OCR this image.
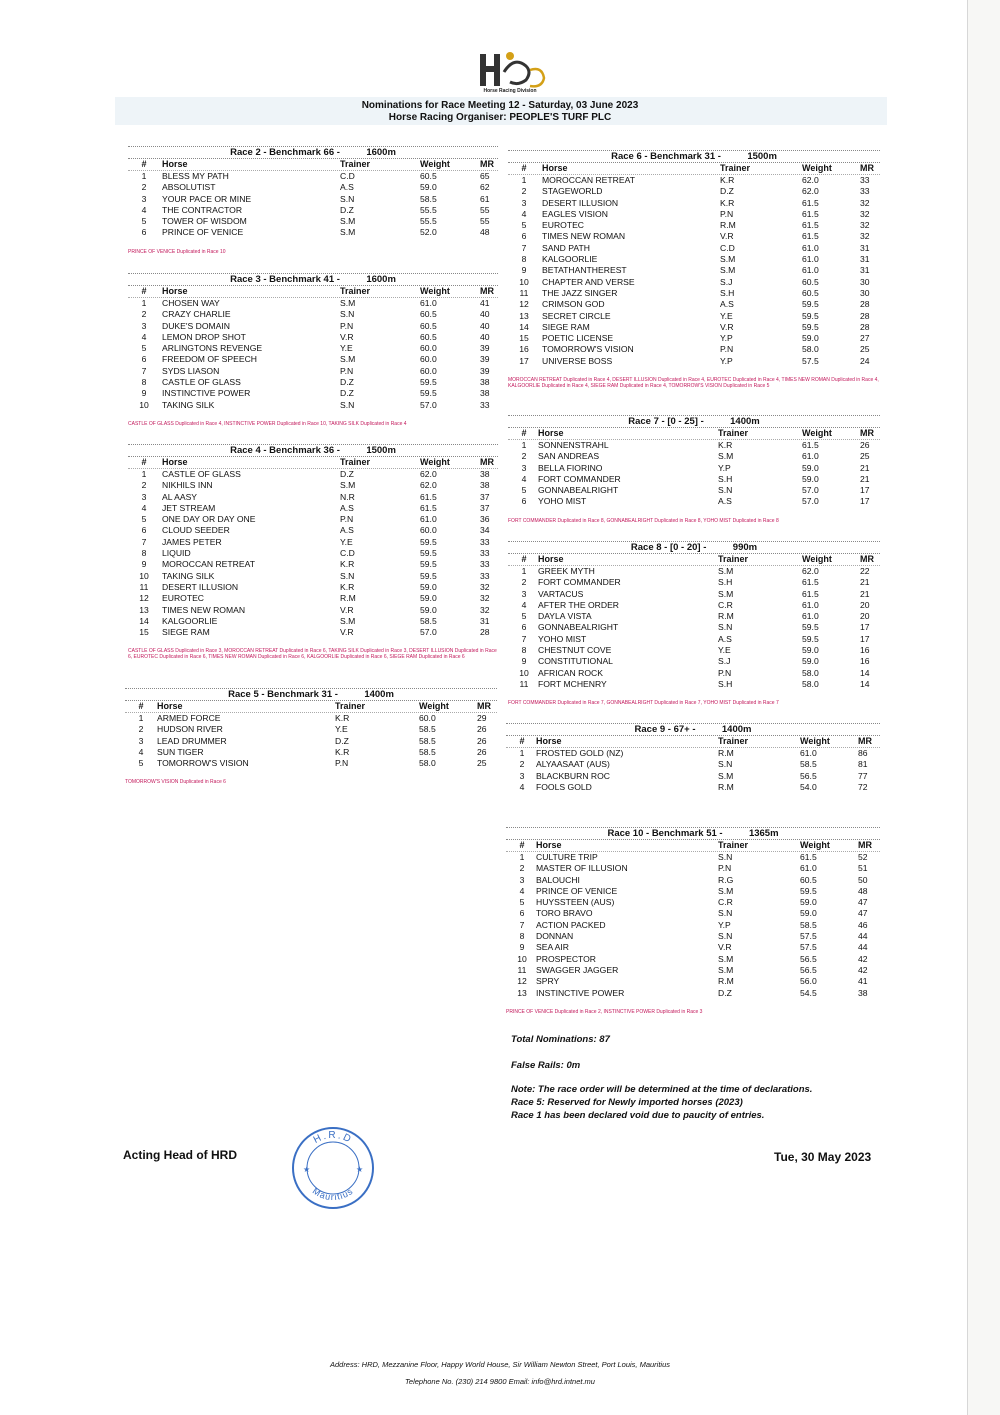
Horse Racing Division
Nominations for Race Meeting 12 - Saturday, 03 June 2023
Horse Racing Organiser: PEOPLE'S TURF PLC
Race 2 - Benchmark 66 -          1600m
#	Horse	Trainer	Weight	MR
1	BLESS MY PATH	C.D	60.5	65
2	ABSOLUTIST	A.S	59.0	62
3	YOUR PACE OR MINE	S.N	58.5	61
4	THE CONTRACTOR	D.Z	55.5	55
5	TOWER OF WISDOM	S.M	55.5	55
6	PRINCE OF VENICE	S.M	52.0	48
PRINCE OF VENICE Duplicated in Race 10
Race 3 - Benchmark 41 -          1600m
#	Horse	Trainer	Weight	MR
1	CHOSEN WAY	S.M	61.0	41
2	CRAZY CHARLIE	S.N	60.5	40
3	DUKE'S DOMAIN	P.N	60.5	40
4	LEMON DROP SHOT	V.R	60.5	40
5	ARLINGTONS REVENGE	Y.E	60.0	39
6	FREEDOM OF SPEECH	S.M	60.0	39
7	SYDS LIASON	P.N	60.0	39
8	CASTLE OF GLASS	D.Z	59.5	38
9	INSTINCTIVE POWER	D.Z	59.5	38
10	TAKING SILK	S.N	57.0	33
CASTLE OF GLASS Duplicated in Race 4, INSTINCTIVE POWER Duplicated in Race 10, TAKING SILK Duplicated in Race 4
Race 4 - Benchmark 36 -          1500m
#	Horse	Trainer	Weight	MR
1	CASTLE OF GLASS	D.Z	62.0	38
2	NIKHILS INN	S.M	62.0	38
3	AL AASY	N.R	61.5	37
4	JET STREAM	A.S	61.5	37
5	ONE DAY OR DAY ONE	P.N	61.0	36
6	CLOUD SEEDER	A.S	60.0	34
7	JAMES PETER	Y.E	59.5	33
8	LIQUID	C.D	59.5	33
9	MOROCCAN RETREAT	K.R	59.5	33
10	TAKING SILK	S.N	59.5	33
11	DESERT ILLUSION	K.R	59.0	32
12	EUROTEC	R.M	59.0	32
13	TIMES NEW ROMAN	V.R	59.0	32
14	KALGOORLIE	S.M	58.5	31
15	SIEGE RAM	V.R	57.0	28
CASTLE OF GLASS Duplicated in Race 3, MOROCCAN RETREAT Duplicated in Race 6, TAKING SILK Duplicated in Race 3, DESERT ILLUSION Duplicated in Race 6, EUROTEC Duplicated in Race 6, TIMES NEW ROMAN Duplicated in Race 6, KALGOORLIE Duplicated in Race 6, SIEGE RAM Duplicated in Race 6
Race 5 - Benchmark 31 -          1400m
#	Horse	Trainer	Weight	MR
1	ARMED FORCE	K.R	60.0	29
2	HUDSON RIVER	Y.E	58.5	26
3	LEAD DRUMMER	D.Z	58.5	26
4	SUN TIGER	K.R	58.5	26
5	TOMORROW'S VISION	P.N	58.0	25
TOMORROW'S VISION Duplicated in Race 6
Race 6 - Benchmark 31 -          1500m
#	Horse	Trainer	Weight	MR
1	MOROCCAN RETREAT	K.R	62.0	33
2	STAGEWORLD	D.Z	62.0	33
3	DESERT ILLUSION	K.R	61.5	32
4	EAGLES VISION	P.N	61.5	32
5	EUROTEC	R.M	61.5	32
6	TIMES NEW ROMAN	V.R	61.5	32
7	SAND PATH	C.D	61.0	31
8	KALGOORLIE	S.M	61.0	31
9	BETATHANTHEREST	S.M	61.0	31
10	CHAPTER AND VERSE	S.J	60.5	30
11	THE JAZZ SINGER	S.H	60.5	30
12	CRIMSON GOD	A.S	59.5	28
13	SECRET CIRCLE	Y.E	59.5	28
14	SIEGE RAM	V.R	59.5	28
15	POETIC LICENSE	Y.P	59.0	27
16	TOMORROW'S VISION	P.N	58.0	25
17	UNIVERSE BOSS	Y.P	57.5	24
MOROCCAN RETREAT Duplicated in Race 4, DESERT ILLUSION Duplicated in Race 4, EUROTEC Duplicated in Race 4, TIMES NEW ROMAN Duplicated in Race 4, KALGOORLIE Duplicated in Race 4, SIEGE RAM Duplicated in Race 4, TOMORROW'S VISION Duplicated in Race 5
Race 7 - [0 - 25] -          1400m
#	Horse	Trainer	Weight	MR
1	SONNENSTRAHL	K.R	61.5	26
2	SAN ANDREAS	S.M	61.0	25
3	BELLA FIORINO	Y.P	59.0	21
4	FORT COMMANDER	S.H	59.0	21
5	GONNABEALRIGHT	S.N	57.0	17
6	YOHO MIST	A.S	57.0	17
FORT COMMANDER Duplicated in Race 8, GONNABEALRIGHT Duplicated in Race 8, YOHO MIST Duplicated in Race 8
Race 8 - [0 - 20] -          990m
#	Horse	Trainer	Weight	MR
1	GREEK MYTH	S.M	62.0	22
2	FORT COMMANDER	S.H	61.5	21
3	VARTACUS	S.M	61.5	21
4	AFTER THE ORDER	C.R	61.0	20
5	DAYLA VISTA	R.M	61.0	20
6	GONNABEALRIGHT	S.N	59.5	17
7	YOHO MIST	A.S	59.5	17
8	CHESTNUT COVE	Y.E	59.0	16
9	CONSTITUTIONAL	S.J	59.0	16
10	AFRICAN ROCK	P.N	58.0	14
11	FORT MCHENRY	S.H	58.0	14
FORT COMMANDER Duplicated in Race 7, GONNABEALRIGHT Duplicated in Race 7, YOHO MIST Duplicated in Race 7
Race 9 - 67+ -          1400m
#	Horse	Trainer	Weight	MR
1	FROSTED GOLD (NZ)	R.M	61.0	86
2	ALYAASAAT (AUS)	S.N	58.5	81
3	BLACKBURN ROC	S.M	56.5	77
4	FOOLS GOLD	R.M	54.0	72
Race 10 - Benchmark 51 -          1365m
#	Horse	Trainer	Weight	MR
1	CULTURE TRIP	S.N	61.5	52
2	MASTER OF ILLUSION	P.N	61.0	51
3	BALOUCHI	R.G	60.5	50
4	PRINCE OF VENICE	S.M	59.5	48
5	HUYSSTEEN (AUS)	C.R	59.0	47
6	TORO BRAVO	S.N	59.0	47
7	ACTION PACKED	Y.P	58.5	46
8	DONNAN	S.N	57.5	44
9	SEA AIR	V.R	57.5	44
10	PROSPECTOR	S.M	56.5	42
11	SWAGGER JAGGER	S.M	56.5	42
12	SPRY	R.M	56.0	41
13	INSTINCTIVE POWER	D.Z	54.5	38
PRINCE OF VENICE Duplicated in Race 2, INSTINCTIVE POWER Duplicated in Race 3
Total Nominations: 87
False Rails: 0m
Note: The race order will be determined at the time of declarations.
Race 5: Reserved for Newly imported horses (2023)
Race 1 has been declared void due to paucity of entries.
Acting Head of HRD	Tue, 30 May 2023
H.R.D
Mauritius
★	★
Address: HRD, Mezzanine Floor, Happy World House, Sir William Newton Street, Port Louis, Mauritius
Telephone No. (230) 214 9800 Email: info@hrd.intnet.mu
